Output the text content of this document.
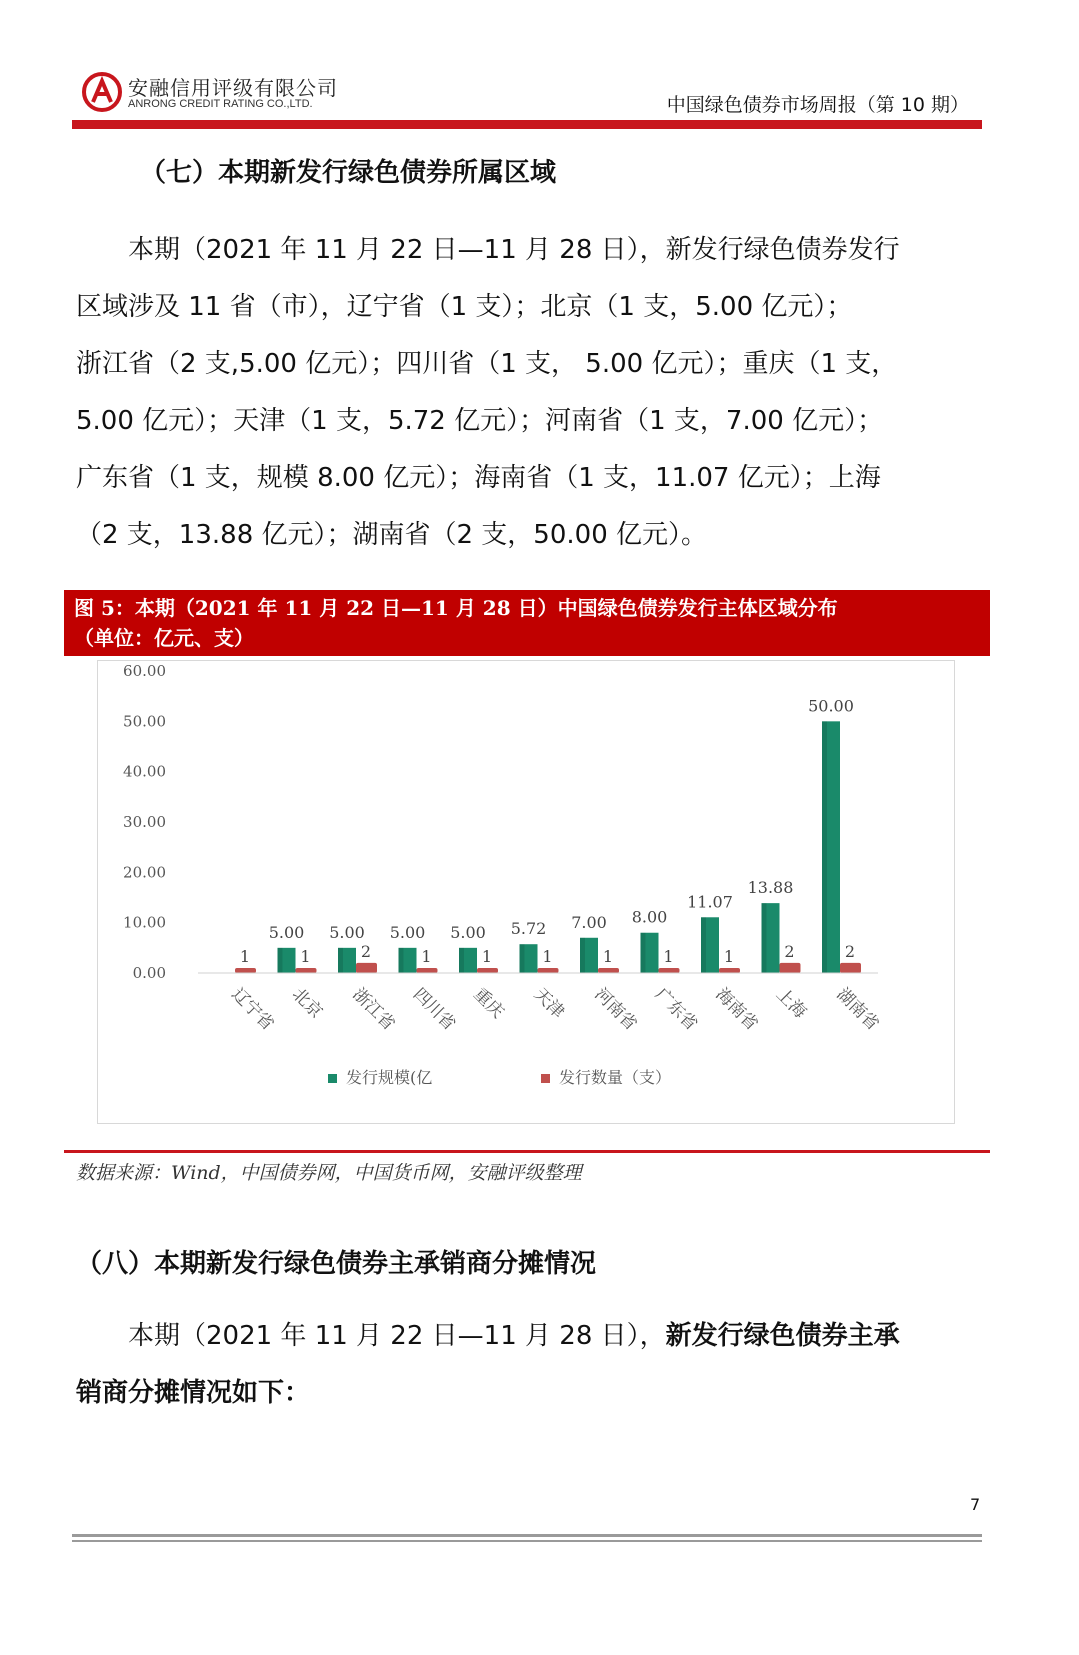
安融信用评级有限公司
ANRONG CREDIT RATING CO.,LTD.	中国绿色债券市场周报（第 10 期）
（七）本期新发行绿色债券所属区域
　　本期（2021 年 11 月 22 日—11 月 28 日），新发行绿色债券发行
区域涉及 11 省（市），辽宁省（1 支）；北京（1 支，5.00 亿元）；
浙江省（2 支,5.00 亿元）；四川省（1 支， 5.00 亿元）；重庆（1 支，
5.00 亿元）；天津（1 支，5.72 亿元）；河南省（1 支，7.00 亿元）；
广东省（1 支，规模 8.00 亿元）；海南省（1 支，11.07 亿元）；上海
（2 支，13.88 亿元）；湖南省（2 支，50.00 亿元）。
图 5：本期（2021 年 11 月 22 日—11 月 28 日）中国绿色债券发行主体区域分布
（单位：亿元、支）
0.00
10.00
20.00
30.00
40.00
50.00
60.00
1
5.00
1
5.00
2
5.00
1
5.00
1
5.72
1
7.00
1
8.00
1
11.07
1
13.88
2
50.00
2
辽宁省 北京 浙江省 四川省 重庆 天津 河南省 广东省 海南省 上海 湖南省
发行规模(亿	发行数量（支）
数据来源：Wind，中国债券网，中国货币网，安融评级整理
（八）本期新发行绿色债券主承销商分摊情况
　　本期（2021 年 11 月 22 日—11 月 28 日），新发行绿色债券主承
销商分摊情况如下：
7
